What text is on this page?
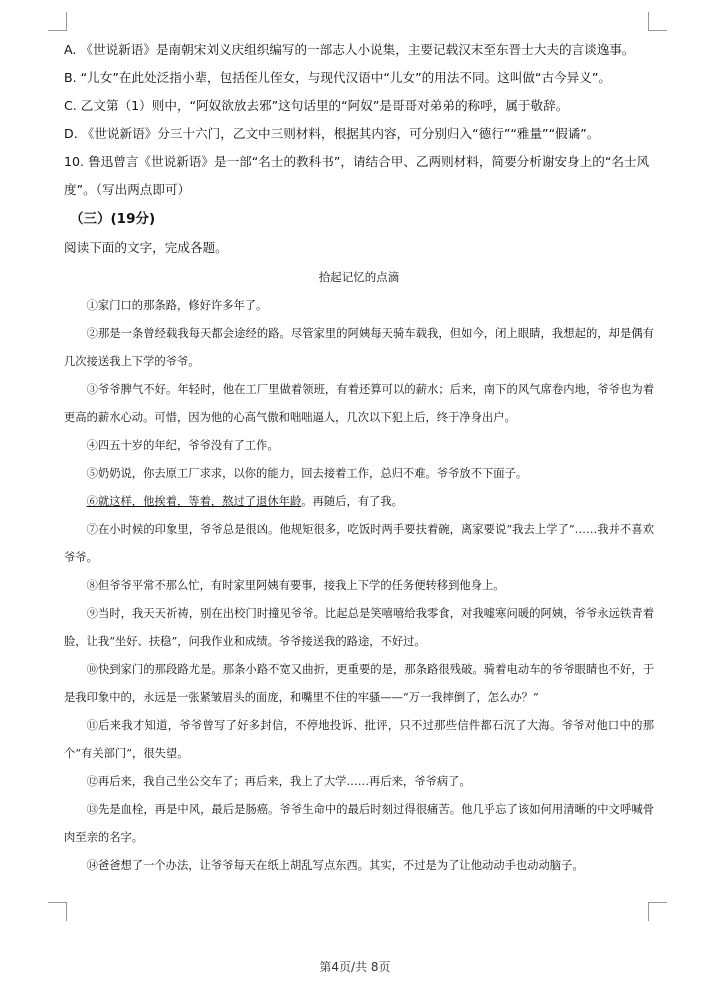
A. 《世说新语》是南朝宋刘义庆组织编写的一部志人小说集，主要记载汉末至东晋士大夫的言谈逸事。

B. “儿女”在此处泛指小辈，包括侄儿侄女，与现代汉语中“儿女”的用法不同。这叫做“古今异义”。

C. 乙文第（1）则中，“阿奴欲放去邪”这句话里的“阿奴”是哥哥对弟弟的称呼，属于敬辞。

D. 《世说新语》分三十六门，乙文中三则材料，根据其内容，可分别归入“德行”“雅量”“假谲”。

10. 鲁迅曾言《世说新语》是一部“名士的教科书”，请结合甲、乙两则材料，简要分析谢安身上的“名士风度”。（写出两点即可）

（三）(19分)

阅读下面的文字，完成各题。

拾起记忆的点滴

①家门口的那条路，修好许多年了。

②那是一条曾经载我每天都会途经的路。尽管家里的阿姨每天骑车载我，但如今，闭上眼睛，我想起的，却是偶有几次接送我上下学的爷爷。

③爷爷脾气不好。年轻时，他在工厂里做着领班，有着还算可以的薪水；后来，南下的风气席卷内地，爷爷也为着更高的薪水心动。可惜，因为他的心高气傲和咄咄逼人，几次以下犯上后，终于净身出户。

④四五十岁的年纪，爷爷没有了工作。

⑤奶奶说，你去原工厂求求，以你的能力，回去接着工作，总归不难。爷爷放不下面子。

⑥就这样，他挨着，等着，熬过了退休年龄。再随后，有了我。

⑦在小时候的印象里，爷爷总是很凶。他规矩很多，吃饭时两手要扶着碗，离家要说“我去上学了”……我并不喜欢爷爷。

⑧但爷爷平常不那么忙，有时家里阿姨有要事，接我上下学的任务便转移到他身上。

⑨当时，我天天祈祷，别在出校门时撞见爷爷。比起总是笑嘻嘻给我零食，对我嘘寒问暖的阿姨，爷爷永远铁青着脸，让我“坐好、扶稳”，问我作业和成绩。爷爷接送我的路途，不好过。

⑩快到家门的那段路尤是。那条小路不宽又曲折，更重要的是，那条路很残破。骑着电动车的爷爷眼睛也不好，于是我印象中的，永远是一张紧皱眉头的面庞，和嘴里不住的牢骚——“万一我摔倒了，怎么办？”

⑪后来我才知道，爷爷曾写了好多封信，不停地投诉、批评，只不过那些信件都石沉了大海。爷爷对他口中的那个“有关部门”，很失望。

⑫再后来，我自己坐公交车了；再后来，我上了大学……再后来，爷爷病了。

⑬先是血栓，再是中风，最后是肠癌。爷爷生命中的最后时刻过得很痛苦。他几乎忘了该如何用清晰的中文呼喊骨肉至亲的名字。

⑭爸爸想了一个办法，让爷爷每天在纸上胡乱写点东西。其实，不过是为了让他动动手也动动脑子。

第4页/共 8页
